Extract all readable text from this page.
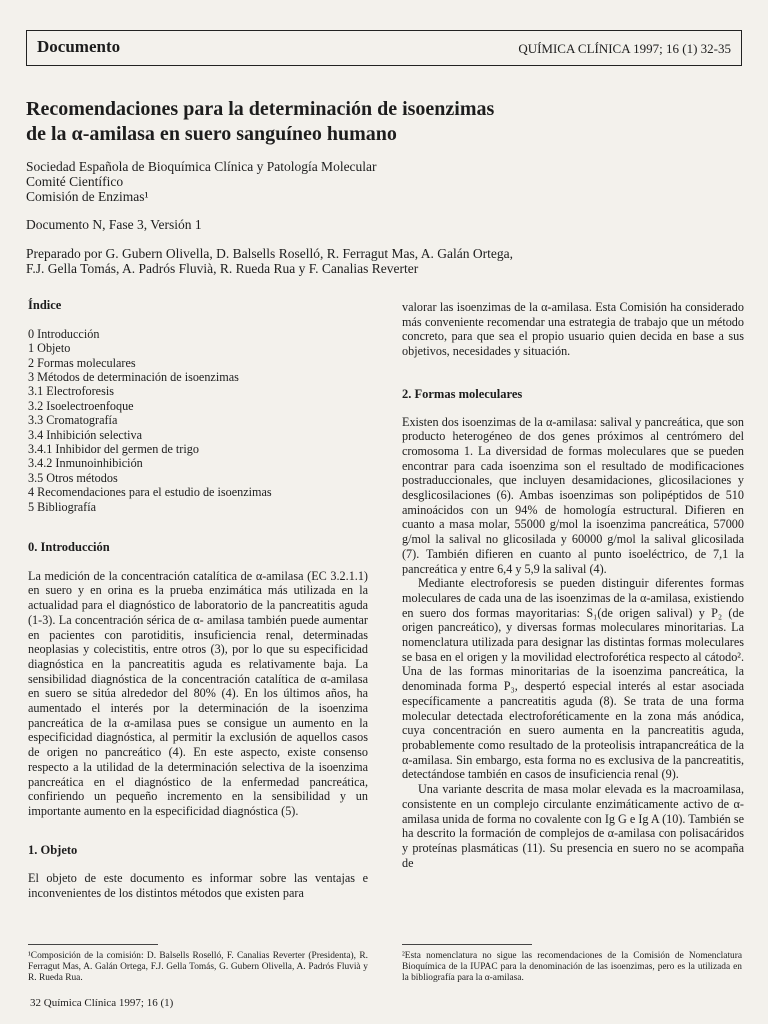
Documento	QUÍMICA CLÍNICA 1997; 16 (1) 32-35
Recomendaciones para la determinación de isoenzimas
de la α-amilasa en suero sanguíneo humano
Sociedad Española de Bioquímica Clínica y Patología Molecular
Comité Científico
Comisión de Enzimas¹
Documento N, Fase 3, Versión 1
Preparado por G. Gubern Olivella, D. Balsells Roselló, R. Ferragut Mas, A. Galán Ortega,
F.J. Gella Tomás, A. Padrós Fluvià, R. Rueda Rua y F. Canalias Reverter
Índice
0 Introducción
1 Objeto
2 Formas moleculares
3 Métodos de determinación de isoenzimas
3.1 Electroforesis
3.2 Isoelectroenfoque
3.3 Cromatografía
3.4 Inhibición selectiva
3.4.1 Inhibidor del germen de trigo
3.4.2 Inmunoinhibición
3.5 Otros métodos
4 Recomendaciones para el estudio de isoenzimas
5 Bibliografía
0. Introducción

La medición de la concentración catalítica de α-amilasa (EC 3.2.1.1) en suero y en orina es la prueba enzimática más utilizada en la actualidad para el diagnóstico de laboratorio de la pancreatitis aguda (1-3). La concentración sérica de α- amilasa también puede aumentar en pacientes con parotiditis, insuficiencia renal, determinadas neoplasias y colecistitis, entre otros (3), por lo que su especificidad diagnóstica en la pancreatitis aguda es relativamente baja. La sensibilidad diagnóstica de la concentración catalítica de α-amilasa en suero se sitúa alrededor del 80% (4). En los últimos años, ha aumentado el interés por la determinación de la isoenzima pancreática de la α-amilasa pues se consigue un aumento en la especificidad diagnóstica, al permitir la exclusión de aquellos casos de origen no pancreático (4). En este aspecto, existe consenso respecto a la utilidad de la determinación selectiva de la isoenzima pancreática en el diagnóstico de la enfermedad pancreática, confiriendo un pequeño incremento en la sensibilidad y un importante aumento en la especificidad diagnóstica (5).

1. Objeto

El objeto de este documento es informar sobre las ventajas e inconvenientes de los distintos métodos que existen para

valorar las isoenzimas de la α-amilasa. Esta Comisión ha considerado más conveniente recomendar una estrategia de trabajo que un método concreto, para que sea el propio usuario quien decida en base a sus objetivos, necesidades y situación.

2. Formas moleculares

Existen dos isoenzimas de la α-amilasa: salival y pancreática, que son producto heterogéneo de dos genes próximos al centrómero del cromosoma 1. La diversidad de formas moleculares que se pueden encontrar para cada isoenzima son el resultado de modificaciones postraduccionales, que incluyen desamidaciones, glicosilaciones y desglicosilaciones (6). Ambas isoenzimas son polipéptidos de 510 aminoácidos con un 94% de homología estructural. Difieren en cuanto a masa molar, 55000 g/mol la isoenzima pancreática, 57000 g/mol la salival no glicosilada y 60000 g/mol la salival glicosilada (7). También difieren en cuanto al punto isoeléctrico, de 7,1 la pancreática y entre 6,4 y 5,9 la salival (4).

Mediante electroforesis se pueden distinguir diferentes formas moleculares de cada una de las isoenzimas de la α-amilasa, existiendo en suero dos formas mayoritarias: S₁(de origen salival) y P₂ (de origen pancreático), y diversas formas moleculares minoritarias. La nomenclatura utilizada para designar las distintas formas moleculares se basa en el origen y la movilidad electroforética respecto al cátodo². Una de las formas minoritarias de la isoenzima pancreática, la denominada forma P₃, despertó especial interés al estar asociada específicamente a pancreatitis aguda (8). Se trata de una forma molecular detectada electroforéticamente en la zona más anódica, cuya concentración en suero aumenta en la pancreatitis aguda, probablemente como resultado de la proteolisis intrapancreática de la α-amilasa. Sin embargo, esta forma no es exclusiva de la pancreatitis, detectándose también en casos de insuficiencia renal (9).

Una variante descrita de masa molar elevada es la macroamilasa, consistente en un complejo circulante enzimáticamente activo de α-amilasa unida de forma no covalente con Ig G e Ig A (10). También se ha descrito la formación de complejos de α-amilasa con polisacáridos y proteínas plasmáticas (11). Su presencia en suero no se acompaña de

¹Composición de la comisión: D. Balsells Roselló, F. Canalias Reverter (Presidenta), R. Ferragut Mas, A. Galán Ortega, F.J. Gella Tomás, G. Gubern Olivella, A. Padrós Fluvià y R. Rueda Rua.
²Esta nomenclatura no sigue las recomendaciones de la Comisión de Nomenclatura Bioquímica de la IUPAC para la denominación de las isoenzimas, pero es la utilizada en la bibliografía para la α-amilasa.
32 Química Clínica 1997; 16 (1)
